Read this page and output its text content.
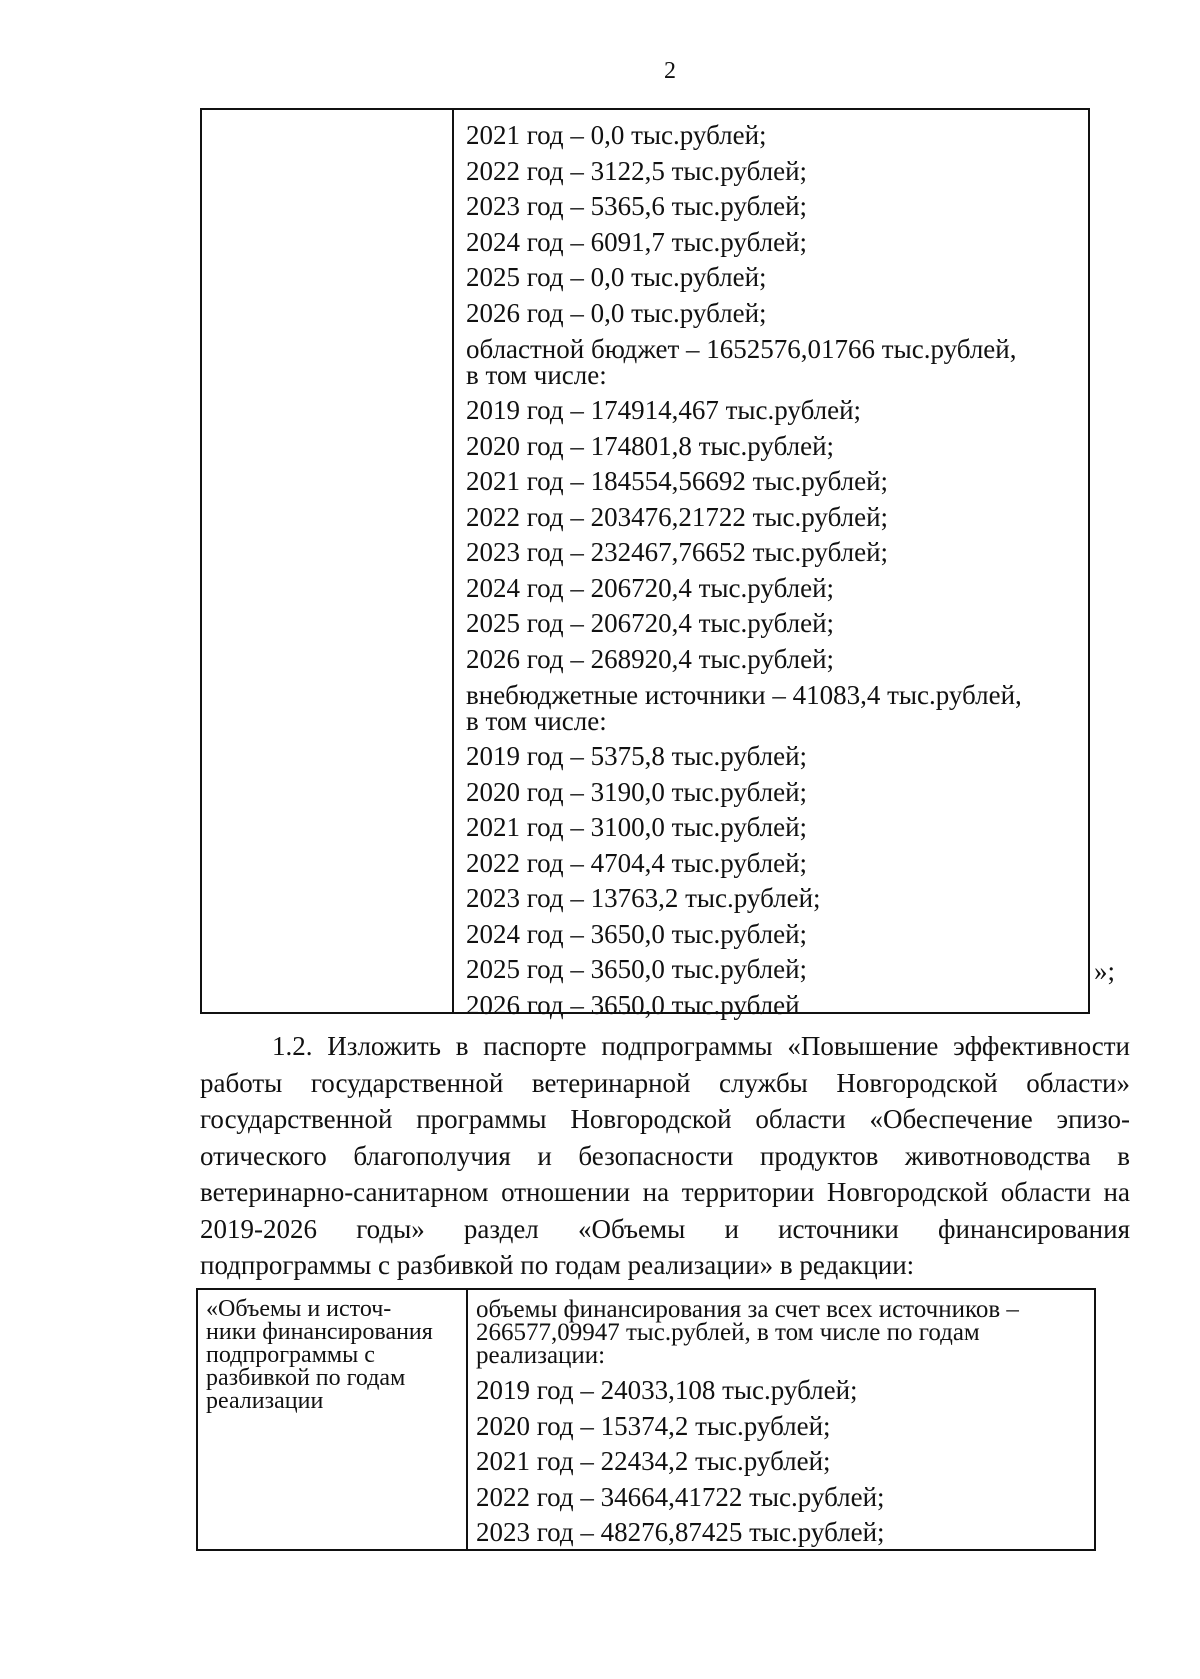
2
2021 год – 0,0 тыс.рублей;
2022 год – 3122,5 тыс.рублей;
2023 год – 5365,6 тыс.рублей;
2024 год – 6091,7 тыс.рублей;
2025 год – 0,0 тыс.рублей;
2026 год – 0,0 тыс.рублей;
областной бюджет – 1652576,01766 тыс.рублей,
в том числе:
2019 год – 174914,467 тыс.рублей;
2020 год – 174801,8 тыс.рублей;
2021 год – 184554,56692 тыс.рублей;
2022 год – 203476,21722 тыс.рублей;
2023 год – 232467,76652 тыс.рублей;
2024 год – 206720,4 тыс.рублей;
2025 год – 206720,4 тыс.рублей;
2026 год – 268920,4 тыс.рублей;
внебюджетные источники – 41083,4 тыс.рублей,
в том числе:
2019 год – 5375,8 тыс.рублей;
2020 год – 3190,0 тыс.рублей;
2021 год – 3100,0 тыс.рублей;
2022 год – 4704,4 тыс.рублей;
2023 год – 13763,2 тыс.рублей;
2024 год – 3650,0 тыс.рублей;
2025 год – 3650,0 тыс.рублей;
2026 год – 3650,0 тыс.рублей
»;
1.2. Изложить в паспорте подпрограммы «Повышение эффективности
работы государственной ветеринарной службы Новгородской области»
государственной программы Новгородской области «Обеспечение эпизо-
отического благополучия и безопасности продуктов животноводства в
ветеринарно-санитарном отношении на территории Новгородской области на
2019-2026 годы» раздел «Объемы и источники финансирования
подпрограммы с разбивкой по годам реализации» в редакции:
«Объемы и источ-
ники финансирования
подпрограммы с
разбивкой по годам
реализации
объемы финансирования за счет всех источников –
266577,09947 тыс.рублей, в том числе по годам
реализации:
2019 год – 24033,108 тыс.рублей;
2020 год – 15374,2 тыс.рублей;
2021 год – 22434,2 тыс.рублей;
2022 год – 34664,41722 тыс.рублей;
2023 год – 48276,87425 тыс.рублей;
